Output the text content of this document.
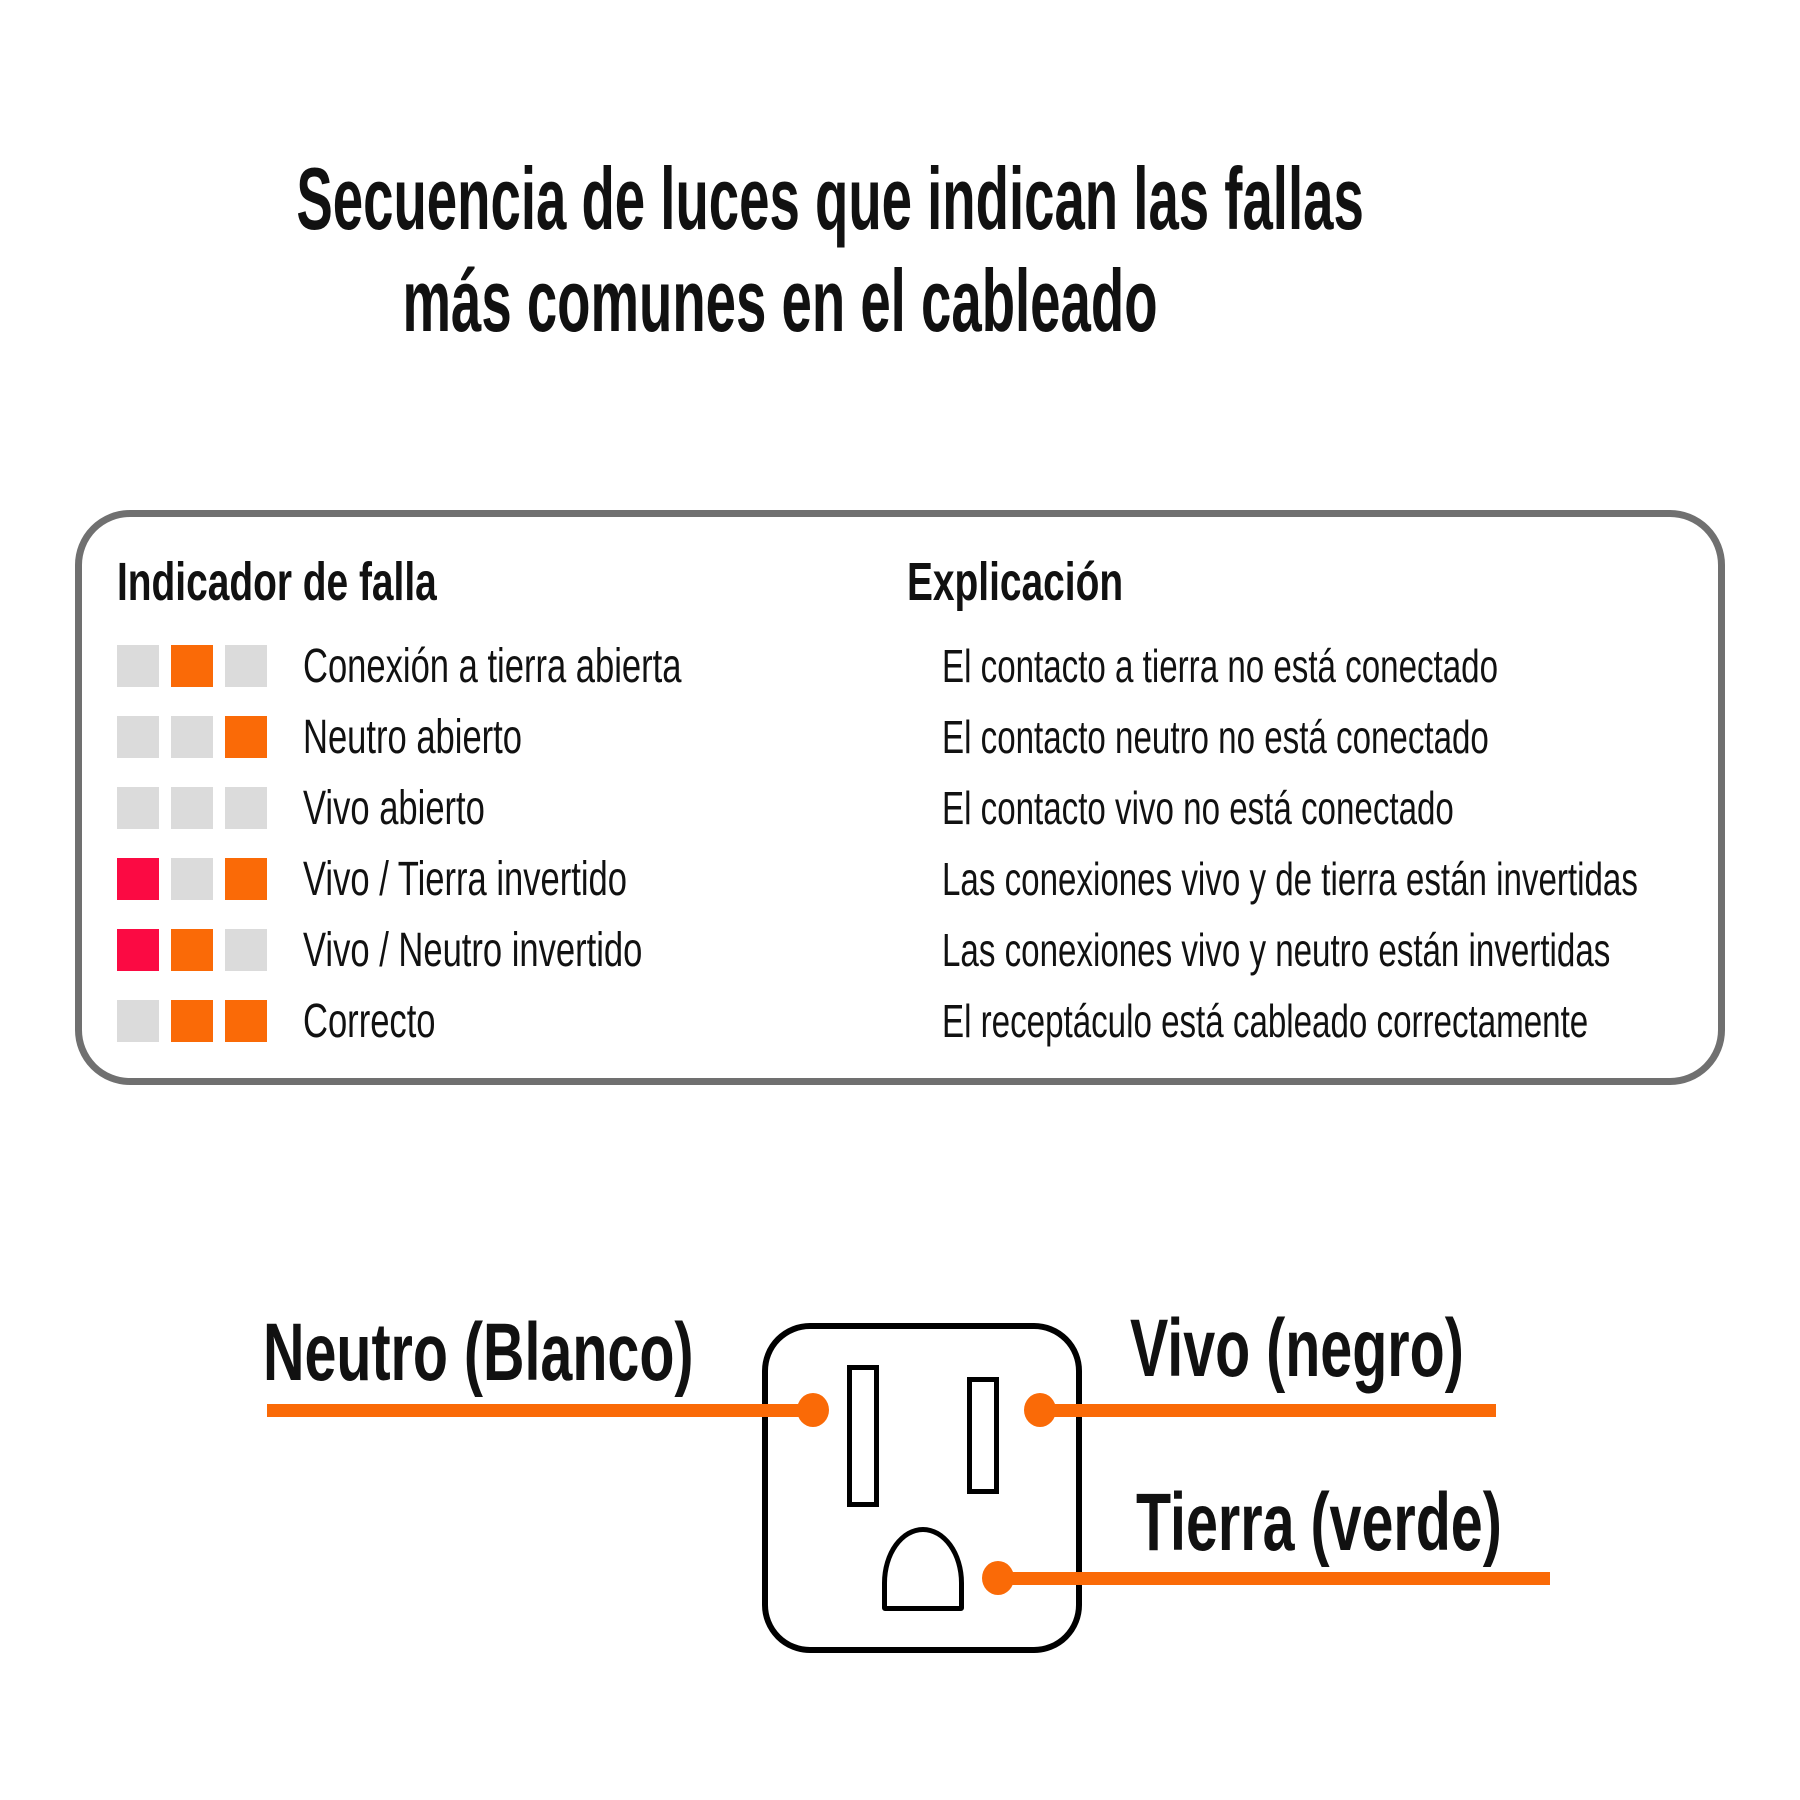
Secuencia de luces que indican las fallas
más comunes en el cableado
Indicador de falla	Explicación
Conexión a tierra abierta	El contacto a tierra no está conectado
Neutro abierto	El contacto neutro no está conectado
Vivo abierto	El contacto vivo no está conectado
Vivo / Tierra invertido	Las conexiones vivo y de tierra están invertidas
Vivo / Neutro invertido	Las conexiones vivo y neutro están invertidas
Correcto	El receptáculo está cableado correctamente
Neutro (Blanco)	Vivo (negro)
Tierra (verde)
